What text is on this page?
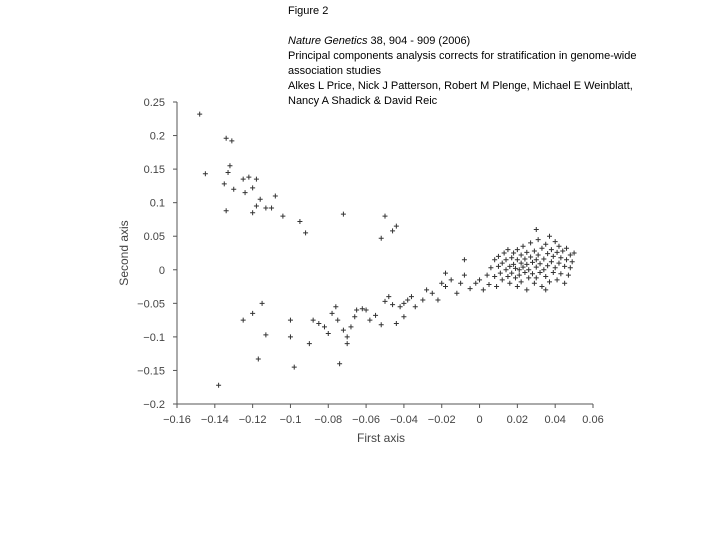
Figure 2
Nature Genetics 38, 904 - 909 (2006)
Principal components analysis corrects for stratification in genome-wide
association studies
Alkes L Price, Nick J Patterson, Robert M Plenge, Michael E Weinblatt,
Nancy A Shadick & David Reic
−0.16 −0.14 −0.12 −0.1 −0.08 −0.06 −0.04 −0.02 0 0.02 0.04 0.06
−0.2
−0.15
−0.1
−0.05
0
0.05
0.1
0.15
0.2
0.25
First axis
Second axis
